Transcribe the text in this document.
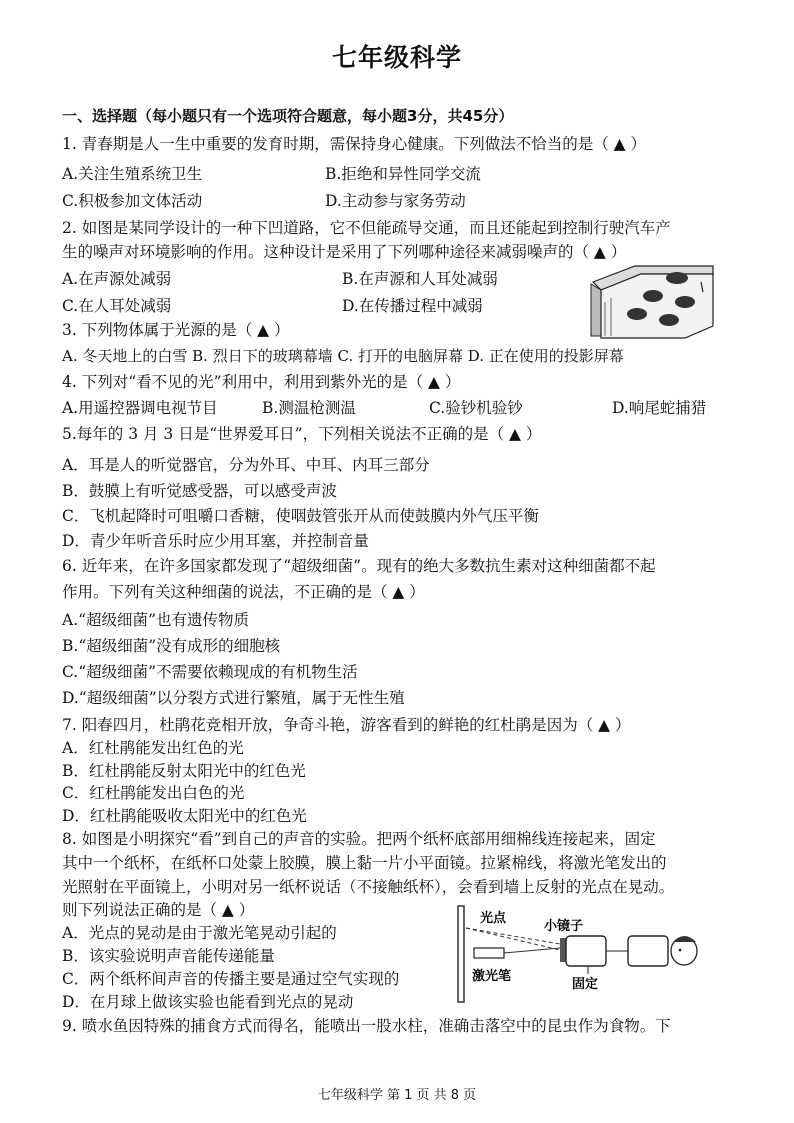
七年级科学
一、选择题（每小题只有一个选项符合题意，每小题3分，共45分）
1. 青春期是人一生中重要的发育时期，需保持身心健康。下列做法不恰当的是（ ▲ ）
A.关注生殖系统卫生	B.拒绝和异性同学交流
C.积极参加文体活动	D.主动参与家务劳动
2. 如图是某同学设计的一种下凹道路，它不但能疏导交通，而且还能起到控制行驶汽车产
生的噪声对环境影响的作用。这种设计是采用了下列哪种途径来减弱噪声的（ ▲ ）
A.在声源处减弱	B.在声源和人耳处减弱
C.在人耳处减弱	D.在传播过程中减弱
3. 下列物体属于光源的是（ ▲ ）
A. 冬天地上的白雪 B. 烈日下的玻璃幕墙 C. 打开的电脑屏幕 D. 正在使用的投影屏幕
4. 下列对“看不见的光”利用中，利用到紫外光的是（ ▲ ）
A.用遥控器调电视节目	B.测温枪测温	C.验钞机验钞	D.响尾蛇捕猎
5.每年的 3 月 3 日是“世界爱耳日”，下列相关说法不正确的是（ ▲ ）
A．耳是人的听觉器官，分为外耳、中耳、内耳三部分
B．鼓膜上有听觉感受器，可以感受声波
C．飞机起降时可咀嚼口香糖，使咽鼓管张开从而使鼓膜内外气压平衡
D．青少年听音乐时应少用耳塞，并控制音量
6. 近年来，在许多国家都发现了“超级细菌”。现有的绝大多数抗生素对这种细菌都不起
作用。下列有关这种细菌的说法，不正确的是（ ▲ ）
A.“超级细菌”也有遗传物质
B.“超级细菌”没有成形的细胞核
C.“超级细菌”不需要依赖现成的有机物生活
D.“超级细菌”以分裂方式进行繁殖，属于无性生殖
7. 阳春四月，杜鹃花竞相开放，争奇斗艳，游客看到的鲜艳的红杜鹃是因为（ ▲ ）
A．红杜鹃能发出红色的光
B．红杜鹃能反射太阳光中的红色光
C．红杜鹃能发出白色的光
D．红杜鹃能吸收太阳光中的红色光
8. 如图是小明探究“看”到自己的声音的实验。把两个纸杯底部用细棉线连接起来，固定
其中一个纸杯，在纸杯口处蒙上胶膜，膜上黏一片小平面镜。拉紧棉线，将激光笔发出的
光照射在平面镜上，小明对另一纸杯说话（不接触纸杯），会看到墙上反射的光点在晃动。
则下列说法正确的是（ ▲ ）
A．光点的晃动是由于激光笔晃动引起的
B．该实验说明声音能传递能量
C．两个纸杯间声音的传播主要是通过空气实现的
D．在月球上做该实验也能看到光点的晃动
光点
小镜子
激光笔
固定
9. 喷水鱼因特殊的捕食方式而得名，能喷出一股水柱，准确击落空中的昆虫作为食物。下
七年级科学 第 1 页 共 8 页
